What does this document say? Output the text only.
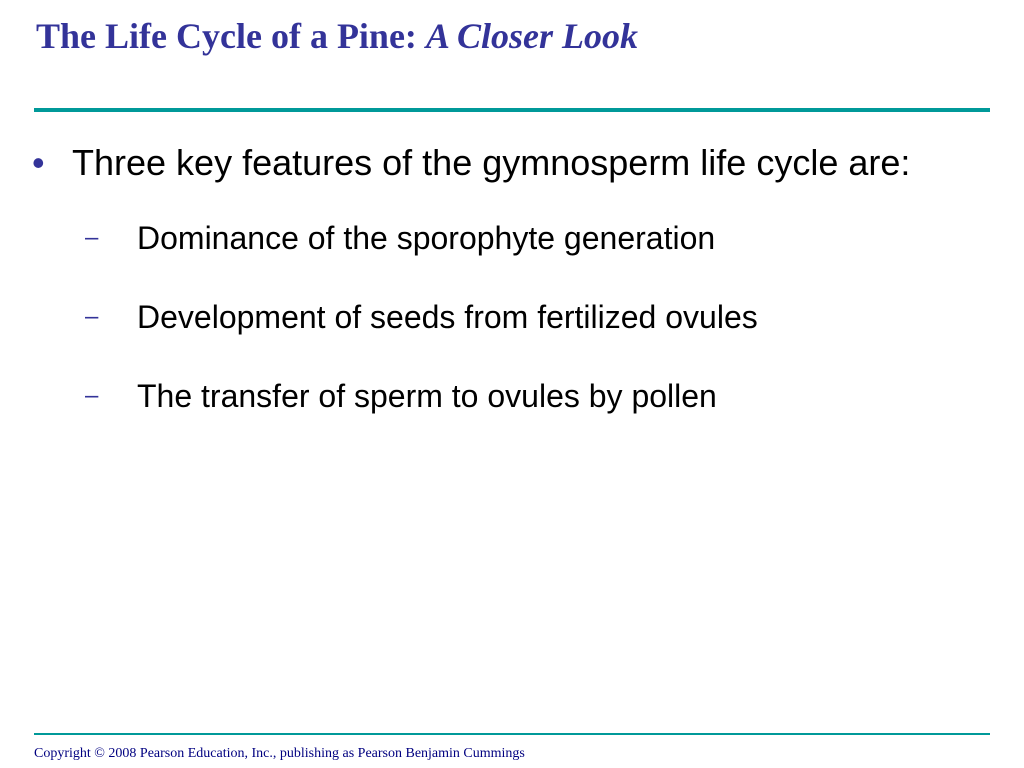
The Life Cycle of a Pine: A Closer Look
• Three key features of the gymnosperm life cycle are:
– Dominance of the sporophyte generation
– Development of seeds from fertilized ovules
– The transfer of sperm to ovules by pollen
Copyright © 2008 Pearson Education, Inc., publishing as Pearson Benjamin Cummings
